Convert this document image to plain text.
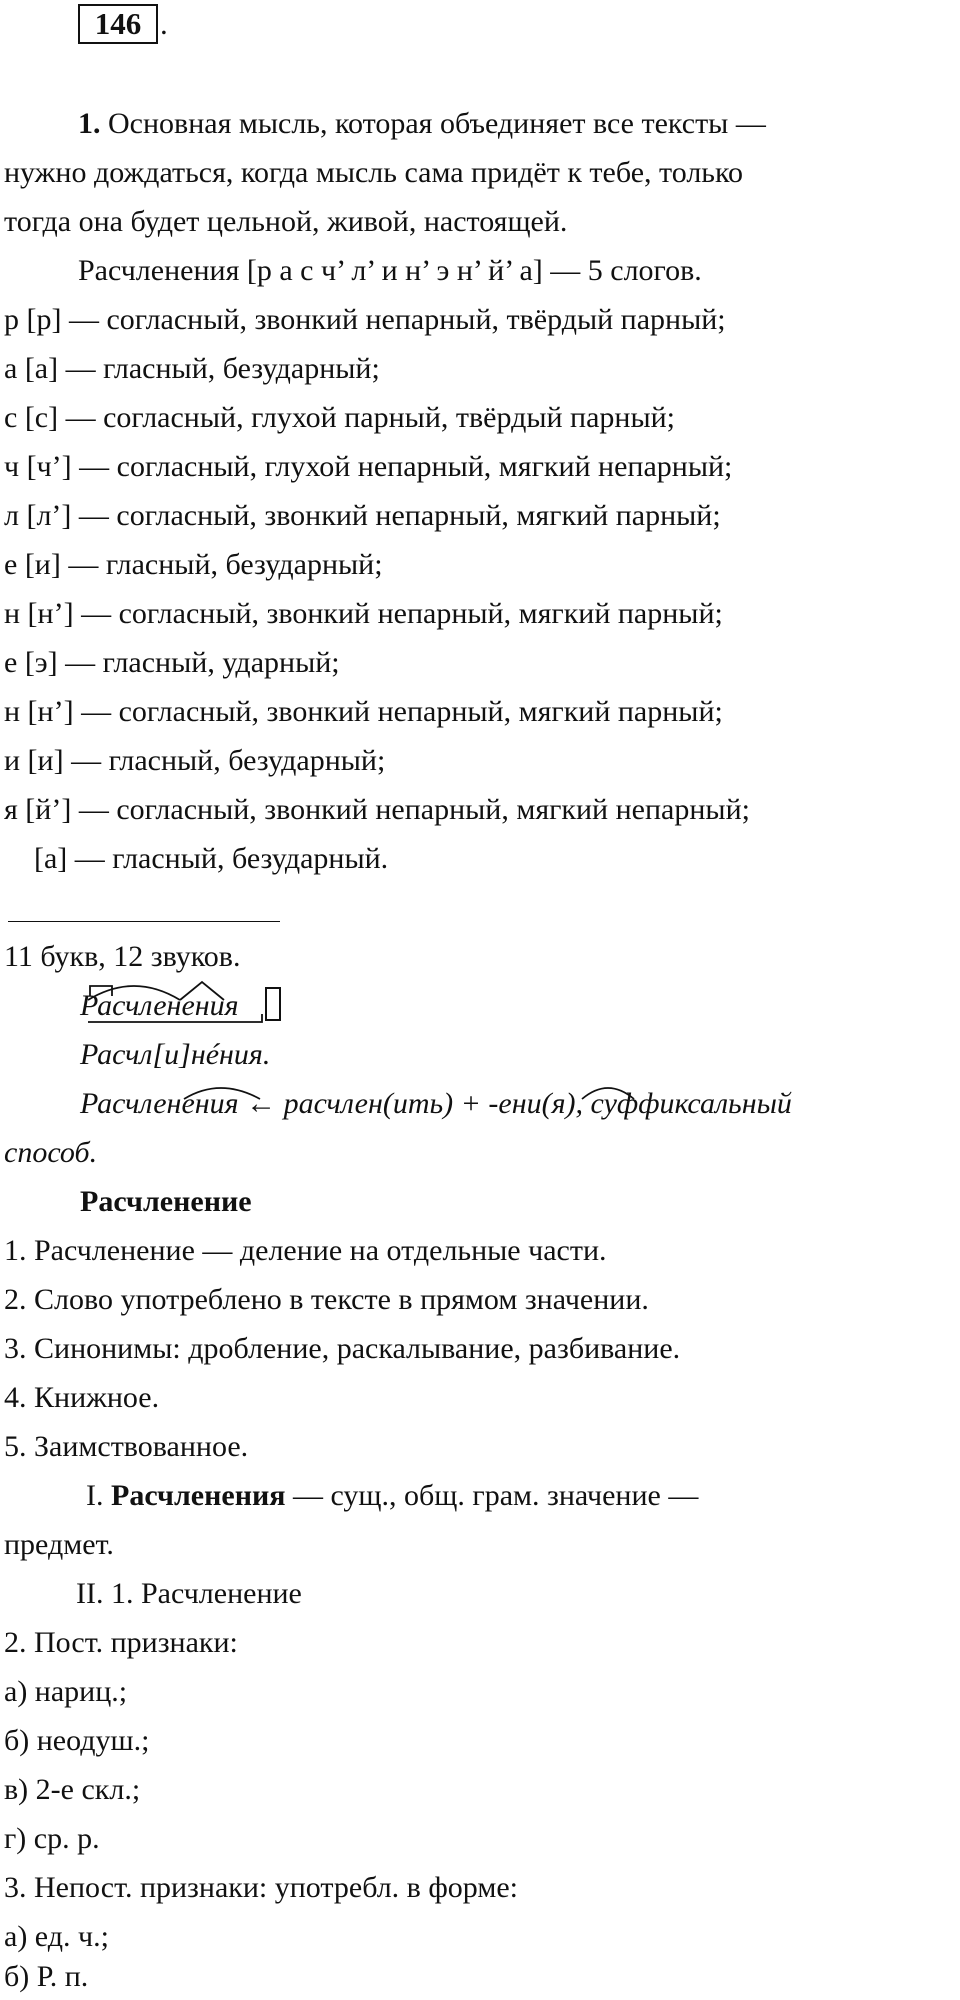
146 .
1. Основная мысль, которая объединяет все тексты —
нужно дождаться, когда мысль сама придёт к тебе, только
тогда она будет цельной, живой, настоящей.
Расчленения [р а с ч’ л’ и н’ э н’ й’ а] — 5 слогов.
р [р] — согласный, звонкий непарный, твёрдый парный;
а [а] — гласный, безударный;
с [с] — согласный, глухой парный, твёрдый парный;
ч [ч’] — согласный, глухой непарный, мягкий непарный;
л [л’] — согласный, звонкий непарный, мягкий парный;
е [и] — гласный, безударный;
н [н’] — согласный, звонкий непарный, мягкий парный;
е [э] — гласный, ударный;
н [н’] — согласный, звонкий непарный, мягкий парный;
и [и] — гласный, безударный;
я [й’] — согласный, звонкий непарный, мягкий непарный;
[а] — гласный, безударный.
11 букв, 12 звуков.
Расчленения
Расчл[и]нéния.
Расчленения ← расчлен(ить) + -ени(я), суффиксальный
способ.
Расчленение
1. Расчленение — деление на отдельные части.
2. Слово употреблено в тексте в прямом значении.
3. Синонимы: дробление, раскалывание, разбивание.
4. Книжное.
5. Заимствованное.
I. Расчленения — сущ., общ. грам. значение —
предмет.
II. 1. Расчленение
2. Пост. признаки:
а) нариц.;
б) неодуш.;
в) 2-е скл.;
г) ср. р.
3. Непост. признаки: употребл. в форме:
а) ед. ч.;
б) Р. п.
